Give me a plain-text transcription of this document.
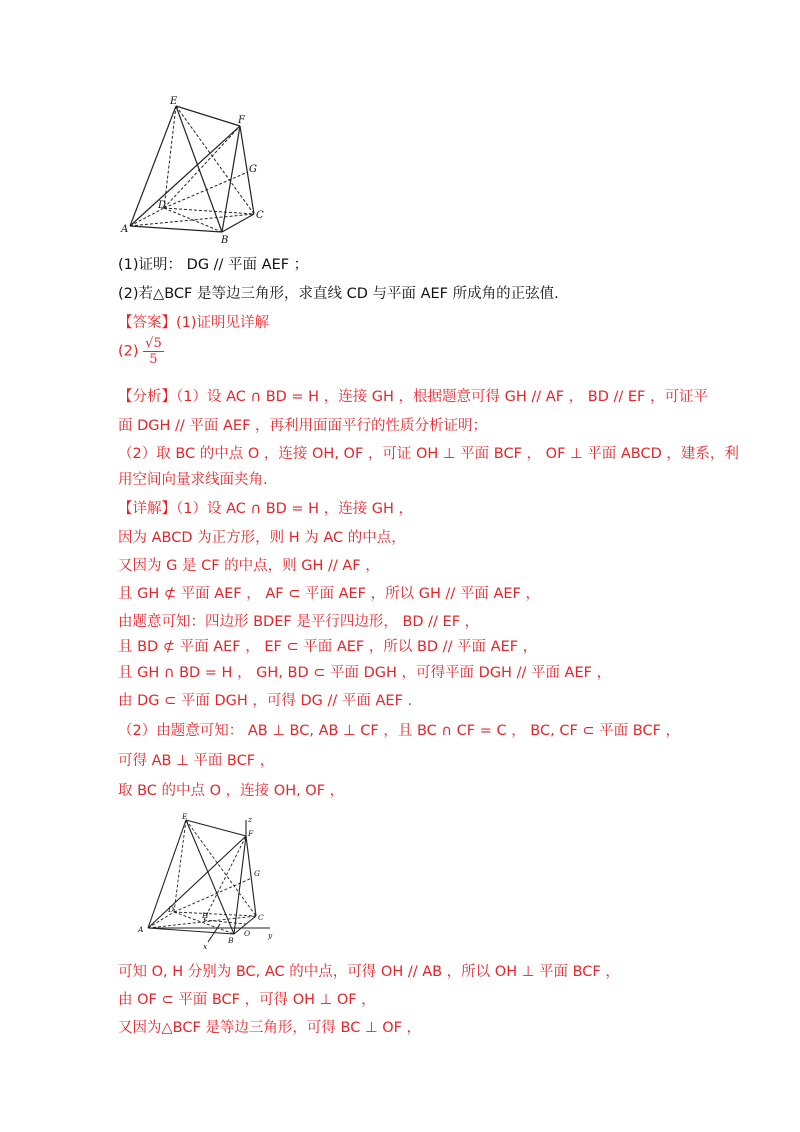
E
F
G
D
C
A
B
(1)证明： DG // 平面 AEF ；
(2)若△BCF 是等边三角形，求直线 CD 与平面 AEF 所成角的正弦值.
【答案】(1)证明见详解
$(2) \frac{√5}{5}$
【分析】（1）设 AC ∩ BD = H ，连接 GH ，根据题意可得 GH // AF ， BD // EF ，可证平
面 DGH // 平面 AEF ，再利用面面平行的性质分析证明；
（2）取 BC 的中点 O ，连接 OH, OF ，可证 OH ⊥ 平面 BCF ， OF ⊥ 平面 ABCD ，建系，利
用空间向量求线面夹角.
【详解】（1）设 AC ∩ BD = H ，连接 GH ，
因为 ABCD 为正方形，则 H 为 AC 的中点，
又因为 G 是 CF 的中点，则 GH // AF ，
且 GH ⊄ 平面 AEF ， AF ⊂ 平面 AEF ，所以 GH // 平面 AEF ，
由题意可知：四边形 BDEF 是平行四边形， BD // EF ，
且 BD ⊄ 平面 AEF ， EF ⊂ 平面 AEF ，所以 BD // 平面 AEF ，
且 GH ∩ BD = H ， GH, BD ⊂ 平面 DGH ，可得平面 DGH // 平面 AEF ，
由 DG ⊂ 平面 DGH ，可得 DG // 平面 AEF .
（2）由题意可知： AB ⊥ BC, AB ⊥ CF ，且 BC ∩ CF = C ， BC, CF ⊂ 平面 BCF ，
可得 AB ⊥ 平面 BCF ，
取 BC 的中点 O ，连接 OH, OF ，
z
E
F
G
D
H	C
A	O y
B
x
可知 O, H 分别为 BC, AC 的中点，可得 OH // AB ，所以 OH ⊥ 平面 BCF ，
由 OF ⊂ 平面 BCF ，可得 OH ⊥ OF ，
又因为△BCF 是等边三角形，可得 BC ⊥ OF ，
